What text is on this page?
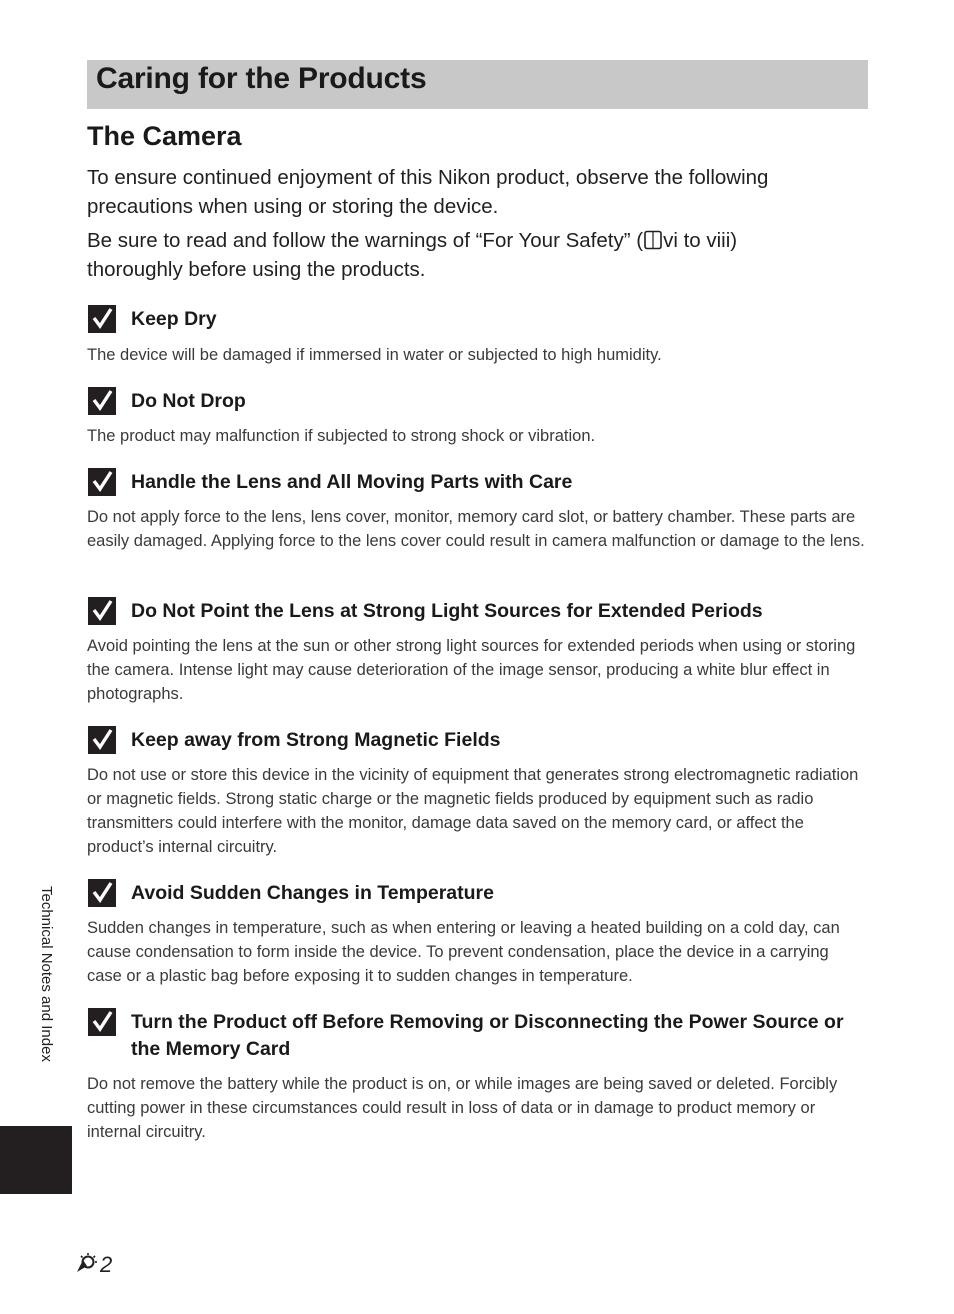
Caring for the Products
The Camera

To ensure continued enjoyment of this Nikon product, observe the following precautions when using or storing the device.

Be sure to read and follow the warnings of “For Your Safety” ( vi to viii)
thoroughly before using the products.

Keep Dry

The device will be damaged if immersed in water or subjected to high humidity.

Do Not Drop

The product may malfunction if subjected to strong shock or vibration.

Handle the Lens and All Moving Parts with Care

Do not apply force to the lens, lens cover, monitor, memory card slot, or battery chamber. These parts are easily damaged. Applying force to the lens cover could result in camera malfunction or damage to the lens.

Do Not Point the Lens at Strong Light Sources for Extended Periods

Avoid pointing the lens at the sun or other strong light sources for extended periods when using or storing the camera. Intense light may cause deterioration of the image sensor, producing a white blur effect in photographs.

Keep away from Strong Magnetic Fields

Do not use or store this device in the vicinity of equipment that generates strong electromagnetic radiation or magnetic fields. Strong static charge or the magnetic fields produced by equipment such as radio transmitters could interfere with the monitor, damage data saved on the memory card, or affect the product’s internal circuitry.

Avoid Sudden Changes in Temperature

Sudden changes in temperature, such as when entering or leaving a heated building on a cold day, can cause condensation to form inside the device. To prevent condensation, place the device in a carrying case or a plastic bag before exposing it to sudden changes in temperature.

Turn the Product off Before Removing or Disconnecting the Power Source or the Memory Card

Do not remove the battery while the product is on, or while images are being saved or deleted. Forcibly cutting power in these circumstances could result in loss of data or in damage to product memory or internal circuitry.

Technical Notes and Index
2
